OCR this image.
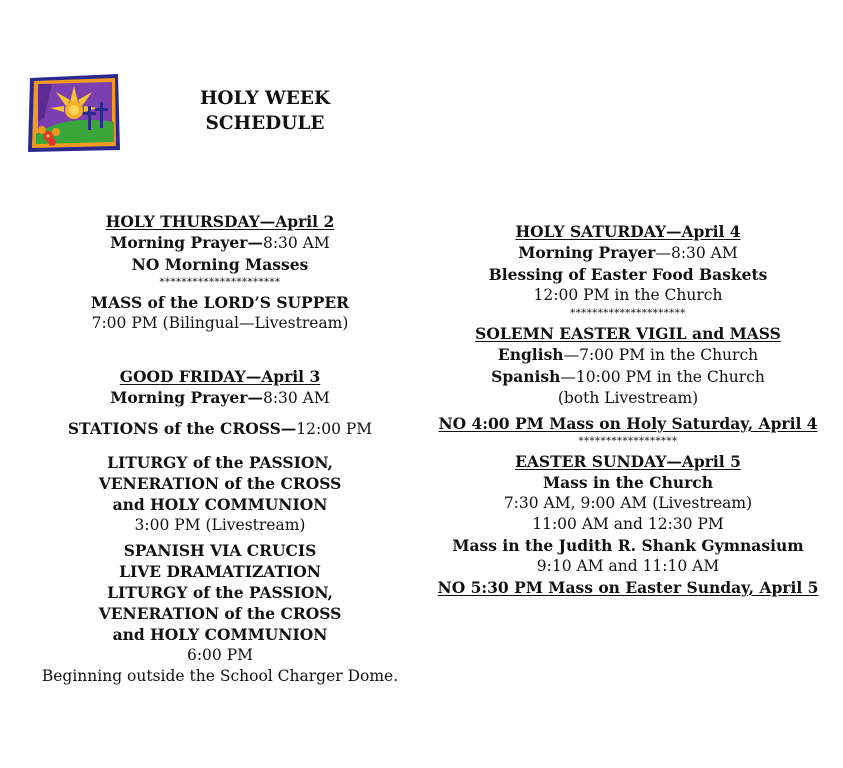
HOLY WEEK
SCHEDULE
HOLY THURSDAY—April 2
Morning Prayer—8:30 AM
NO Morning Masses
**********************
MASS of the LORD’S SUPPER
7:00 PM (Bilingual—Livestream)
GOOD FRIDAY—April 3
Morning Prayer—8:30 AM
STATIONS of the CROSS—12:00 PM
LITURGY of the PASSION,
VENERATION of the CROSS
and HOLY COMMUNION
3:00 PM (Livestream)
SPANISH VIA CRUCIS
LIVE DRAMATIZATION
LITURGY of the PASSION,
VENERATION of the CROSS
and HOLY COMMUNION
6:00 PM
Beginning outside the School Charger Dome.
HOLY SATURDAY—April 4
Morning Prayer—8:30 AM
Blessing of Easter Food Baskets
12:00 PM in the Church
*********************
SOLEMN EASTER VIGIL and MASS
English—7:00 PM in the Church
Spanish—10:00 PM in the Church
(both Livestream)
NO 4:00 PM Mass on Holy Saturday, April 4
******************
EASTER SUNDAY—April 5
Mass in the Church
7:30 AM, 9:00 AM (Livestream)
11:00 AM and 12:30 PM
Mass in the Judith R. Shank Gymnasium
9:10 AM and 11:10 AM
NO 5:30 PM Mass on Easter Sunday, April 5
